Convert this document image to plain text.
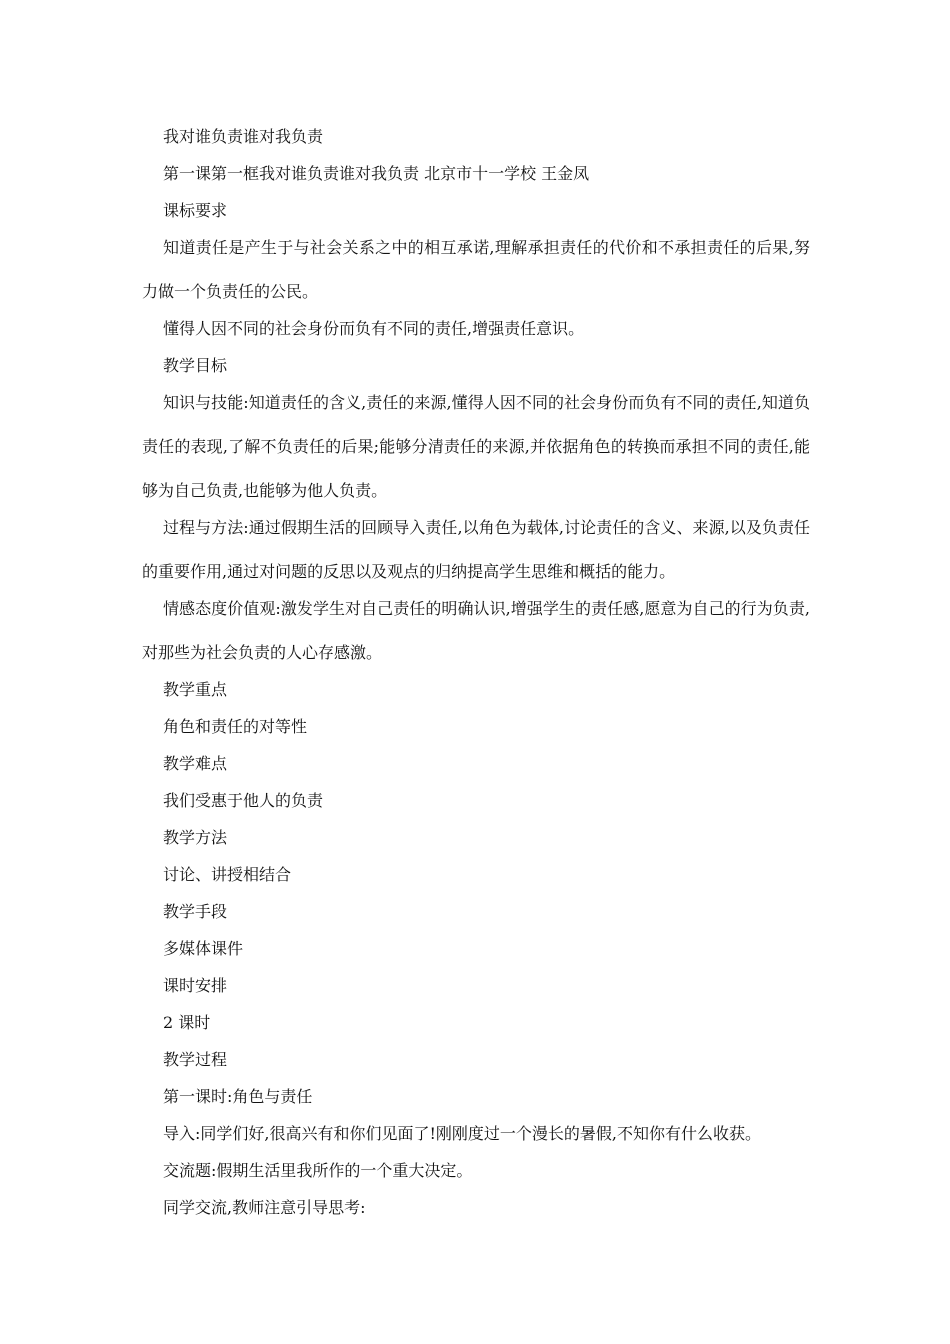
我对谁负责谁对我负责

第一课第一框我对谁负责谁对我负责 北京市十一学校 王金凤

课标要求

知道责任是产生于与社会关系之中的相互承诺,理解承担责任的代价和不承担责任的后果,努力做一个负责任的公民。

懂得人因不同的社会身份而负有不同的责任,增强责任意识。

教学目标

知识与技能:知道责任的含义,责任的来源,懂得人因不同的社会身份而负有不同的责任,知道负责任的表现,了解不负责任的后果;能够分清责任的来源,并依据角色的转换而承担不同的责任,能够为自己负责,也能够为他人负责。

过程与方法:通过假期生活的回顾导入责任,以角色为载体,讨论责任的含义、来源,以及负责任的重要作用,通过对问题的反思以及观点的归纳提高学生思维和概括的能力。

情感态度价值观:激发学生对自己责任的明确认识,增强学生的责任感,愿意为自己的行为负责,对那些为社会负责的人心存感激。

教学重点

角色和责任的对等性

教学难点

我们受惠于他人的负责

教学方法

讨论、讲授相结合

教学手段

多媒体课件

课时安排

2 课时

教学过程

第一课时:角色与责任

导入:同学们好,很高兴有和你们见面了!刚刚度过一个漫长的暑假,不知你有什么收获。

交流题:假期生活里我所作的一个重大决定。

同学交流,教师注意引导思考:
